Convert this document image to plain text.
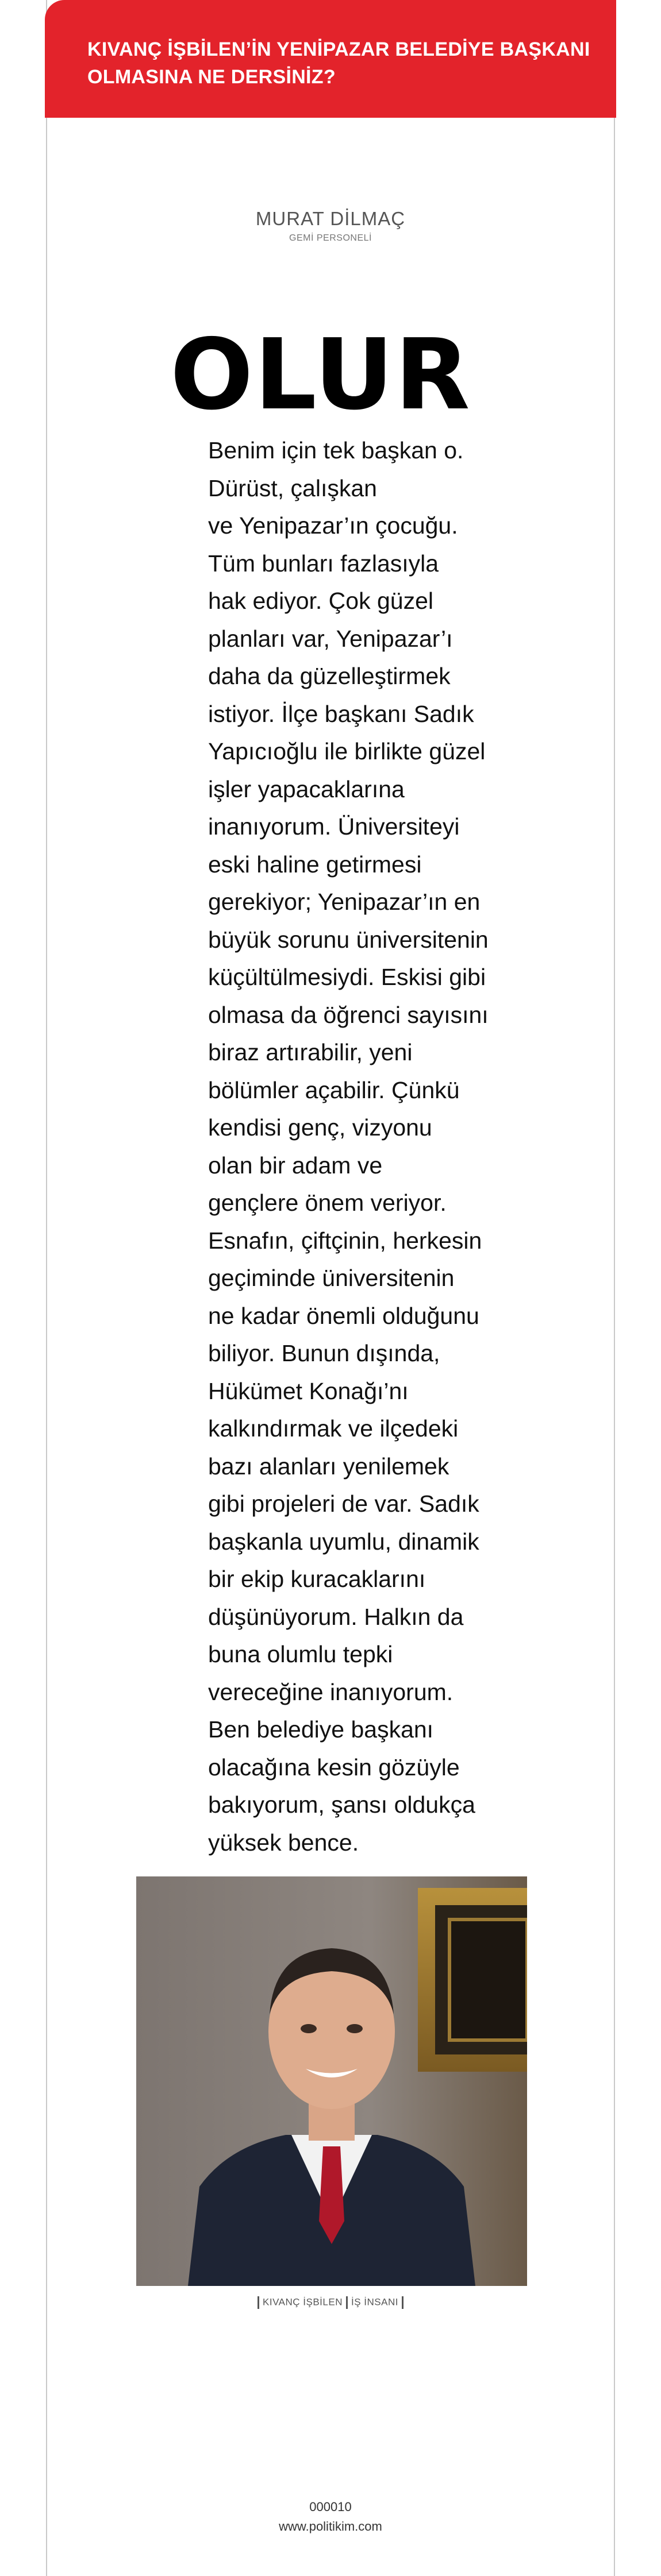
KIVANÇ İŞBİLEN’İN YENİPAZAR BELEDİYE BAŞKANI
OLMASINA NE DERSİNİZ?
MURAT DİLMAÇ
GEMİ PERSONELİ
OLUR
Benim için tek başkan o.
Dürüst, çalışkan
ve Yenipazar’ın çocuğu.
Tüm bunları fazlasıyla
hak ediyor. Çok güzel
planları var, Yenipazar’ı
daha da güzelleştirmek
istiyor. İlçe başkanı Sadık
Yapıcıoğlu ile birlikte güzel
işler yapacaklarına
inanıyorum. Üniversiteyi
eski haline getirmesi
gerekiyor; Yenipazar’ın en
büyük sorunu üniversitenin
küçültülmesiydi. Eskisi gibi
olmasa da öğrenci sayısını
biraz artırabilir, yeni
bölümler açabilir. Çünkü
kendisi genç, vizyonu
olan bir adam ve
gençlere önem veriyor.
Esnafın, çiftçinin, herkesin
geçiminde üniversitenin
ne kadar önemli olduğunu
biliyor. Bunun dışında,
Hükümet Konağı’nı
kalkındırmak ve ilçedeki
bazı alanları yenilemek
gibi projeleri de var. Sadık
başkanla uyumlu, dinamik
bir ekip kuracaklarını
düşünüyorum. Halkın da
buna olumlu tepki
vereceğine inanıyorum.
Ben belediye başkanı
olacağına kesin gözüyle
bakıyorum, şansı oldukça
yüksek bence.
KIVANÇ İŞBİLEN İŞ İNSANI
000010
www.politikim.com
